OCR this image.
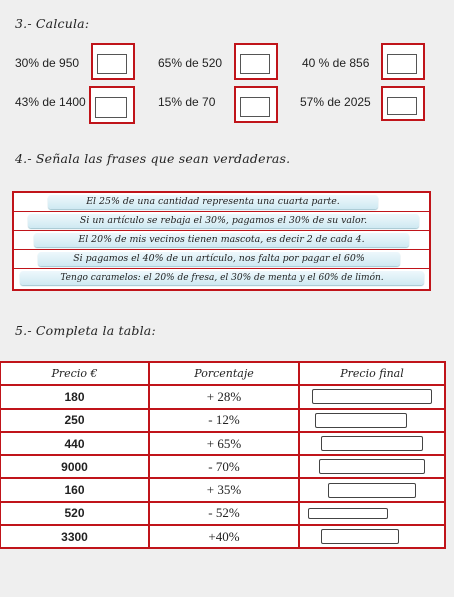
3.- Calcula:
30% de 950	65% de 520	40 % de 856
43% de 1400	15% de 70	57% de 2025
4.- Señala las frases que sean verdaderas.
El 25% de una cantidad representa una cuarta parte.
Si un artículo se rebaja el 30%, pagamos el 30% de su valor.
El 20% de mis vecinos tienen mascota, es decir 2 de cada 4.
Si pagamos el 40% de un artículo, nos falta por pagar el 60%
Tengo caramelos: el 20% de fresa, el 30% de menta y el 60% de limón.
5.- Completa la tabla:
Precio €	Porcentaje	Precio final
180	+ 28%	
250	- 12%	
440	+ 65%	
9000	- 70%	
160	+ 35%	
520	- 52%	
3300	+40%	
